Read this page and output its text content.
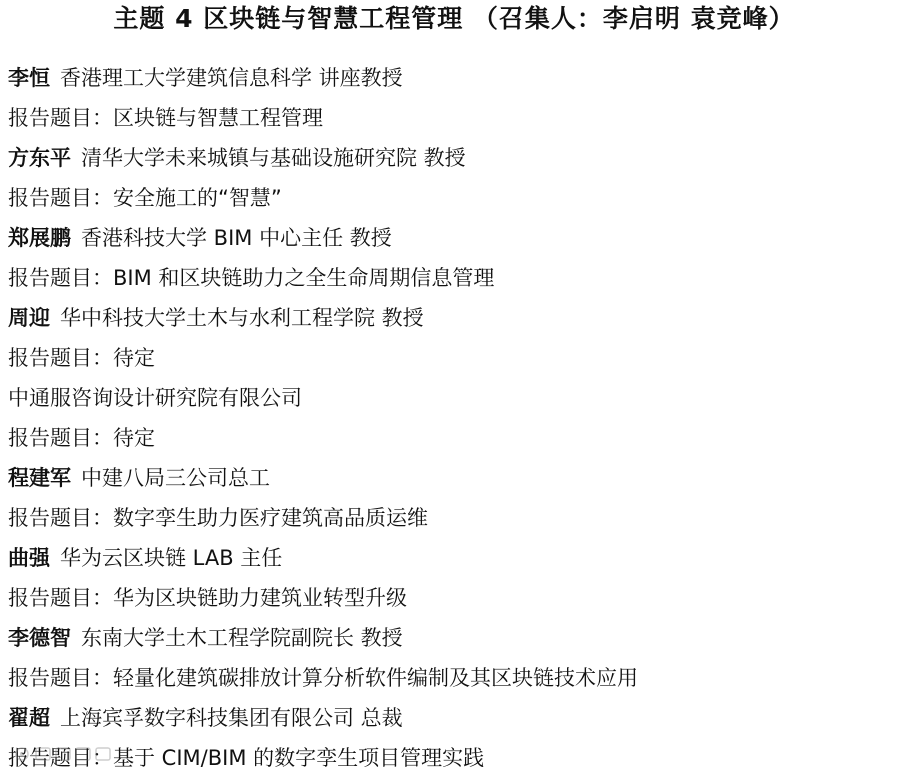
主题 4 区块链与智慧工程管理 （召集人：李启明 袁竞峰）
李恒 香港理工大学建筑信息科学 讲座教授
报告题目：区块链与智慧工程管理
方东平 清华大学未来城镇与基础设施研究院 教授
报告题目：安全施工的“智慧”
郑展鹏 香港科技大学 BIM 中心主任 教授
报告题目：BIM 和区块链助力之全生命周期信息管理
周迎 华中科技大学土木与水利工程学院 教授
报告题目：待定
中通服咨询设计研究院有限公司
报告题目：待定
程建军 中建八局三公司总工
报告题目：数字孪生助力医疗建筑高品质运维
曲强 华为云区块链 LAB 主任
报告题目：华为区块链助力建筑业转型升级
李德智 东南大学土木工程学院副院长 教授
报告题目：轻量化建筑碳排放计算分析软件编制及其区块链技术应用
翟超 上海宾孚数字科技集团有限公司 总裁
报告题目：基于 CIM/BIM 的数字孪生项目管理实践
